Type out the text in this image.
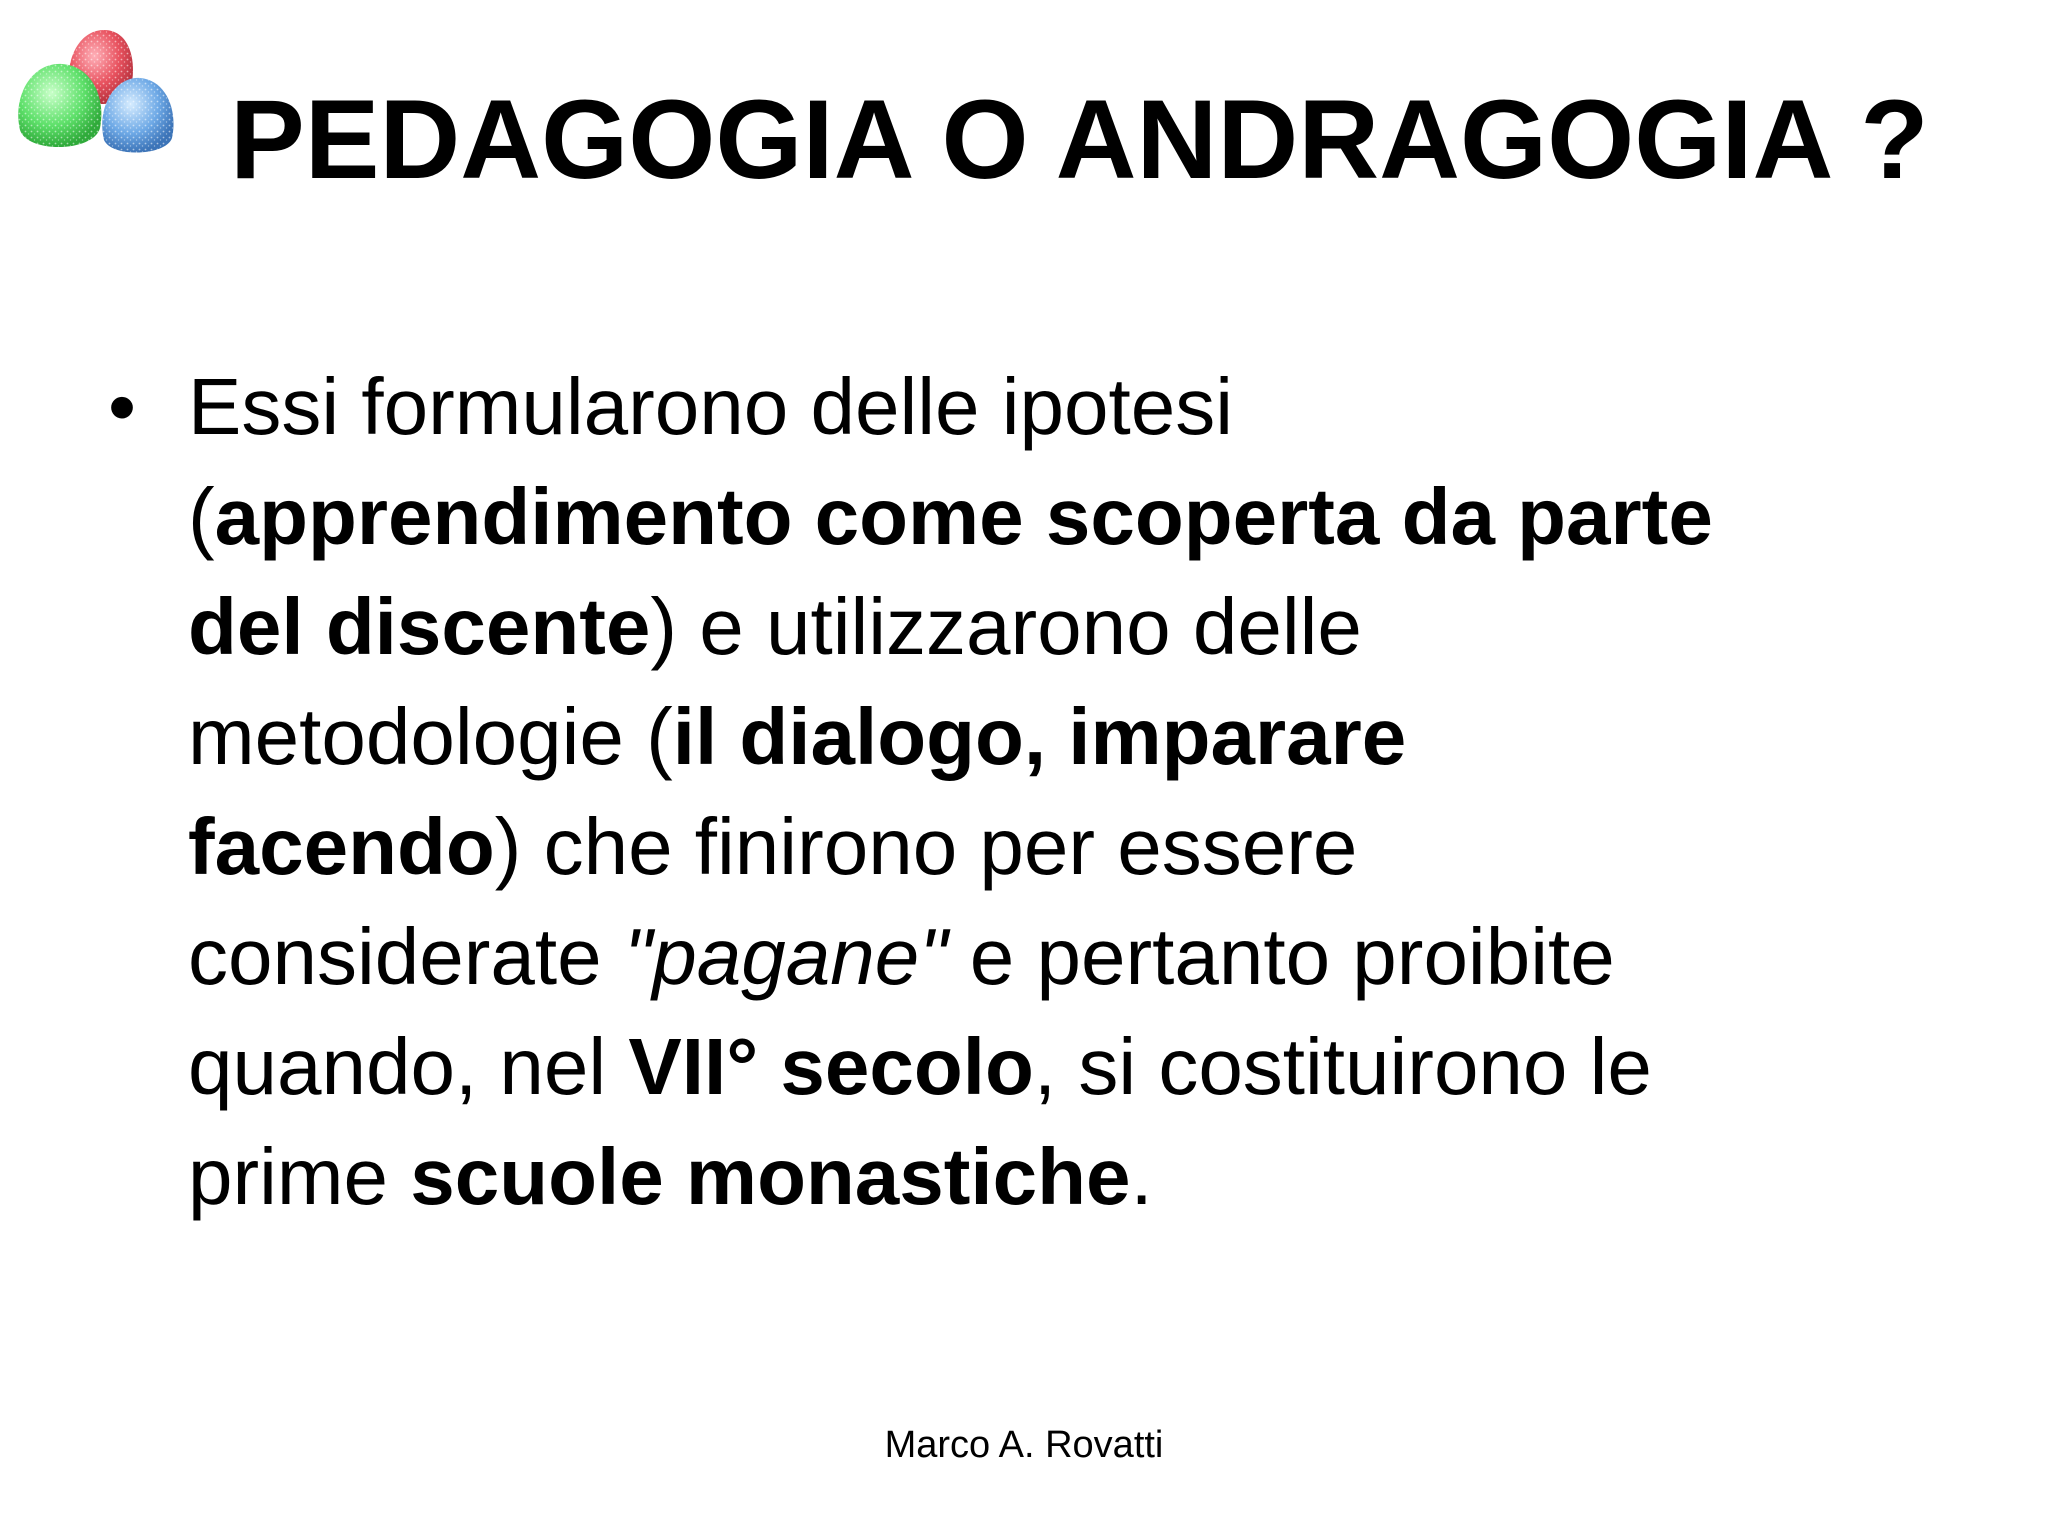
PEDAGOGIA O ANDRAGOGIA ?
• Essi formularono delle ipotesi
(apprendimento come scoperta da parte
del discente) e utilizzarono delle
metodologie (il dialogo, imparare
facendo) che finirono per essere
considerate "pagane" e pertanto proibite
quando, nel VII° secolo, si costituirono le
prime scuole monastiche.

Marco A. Rovatti
